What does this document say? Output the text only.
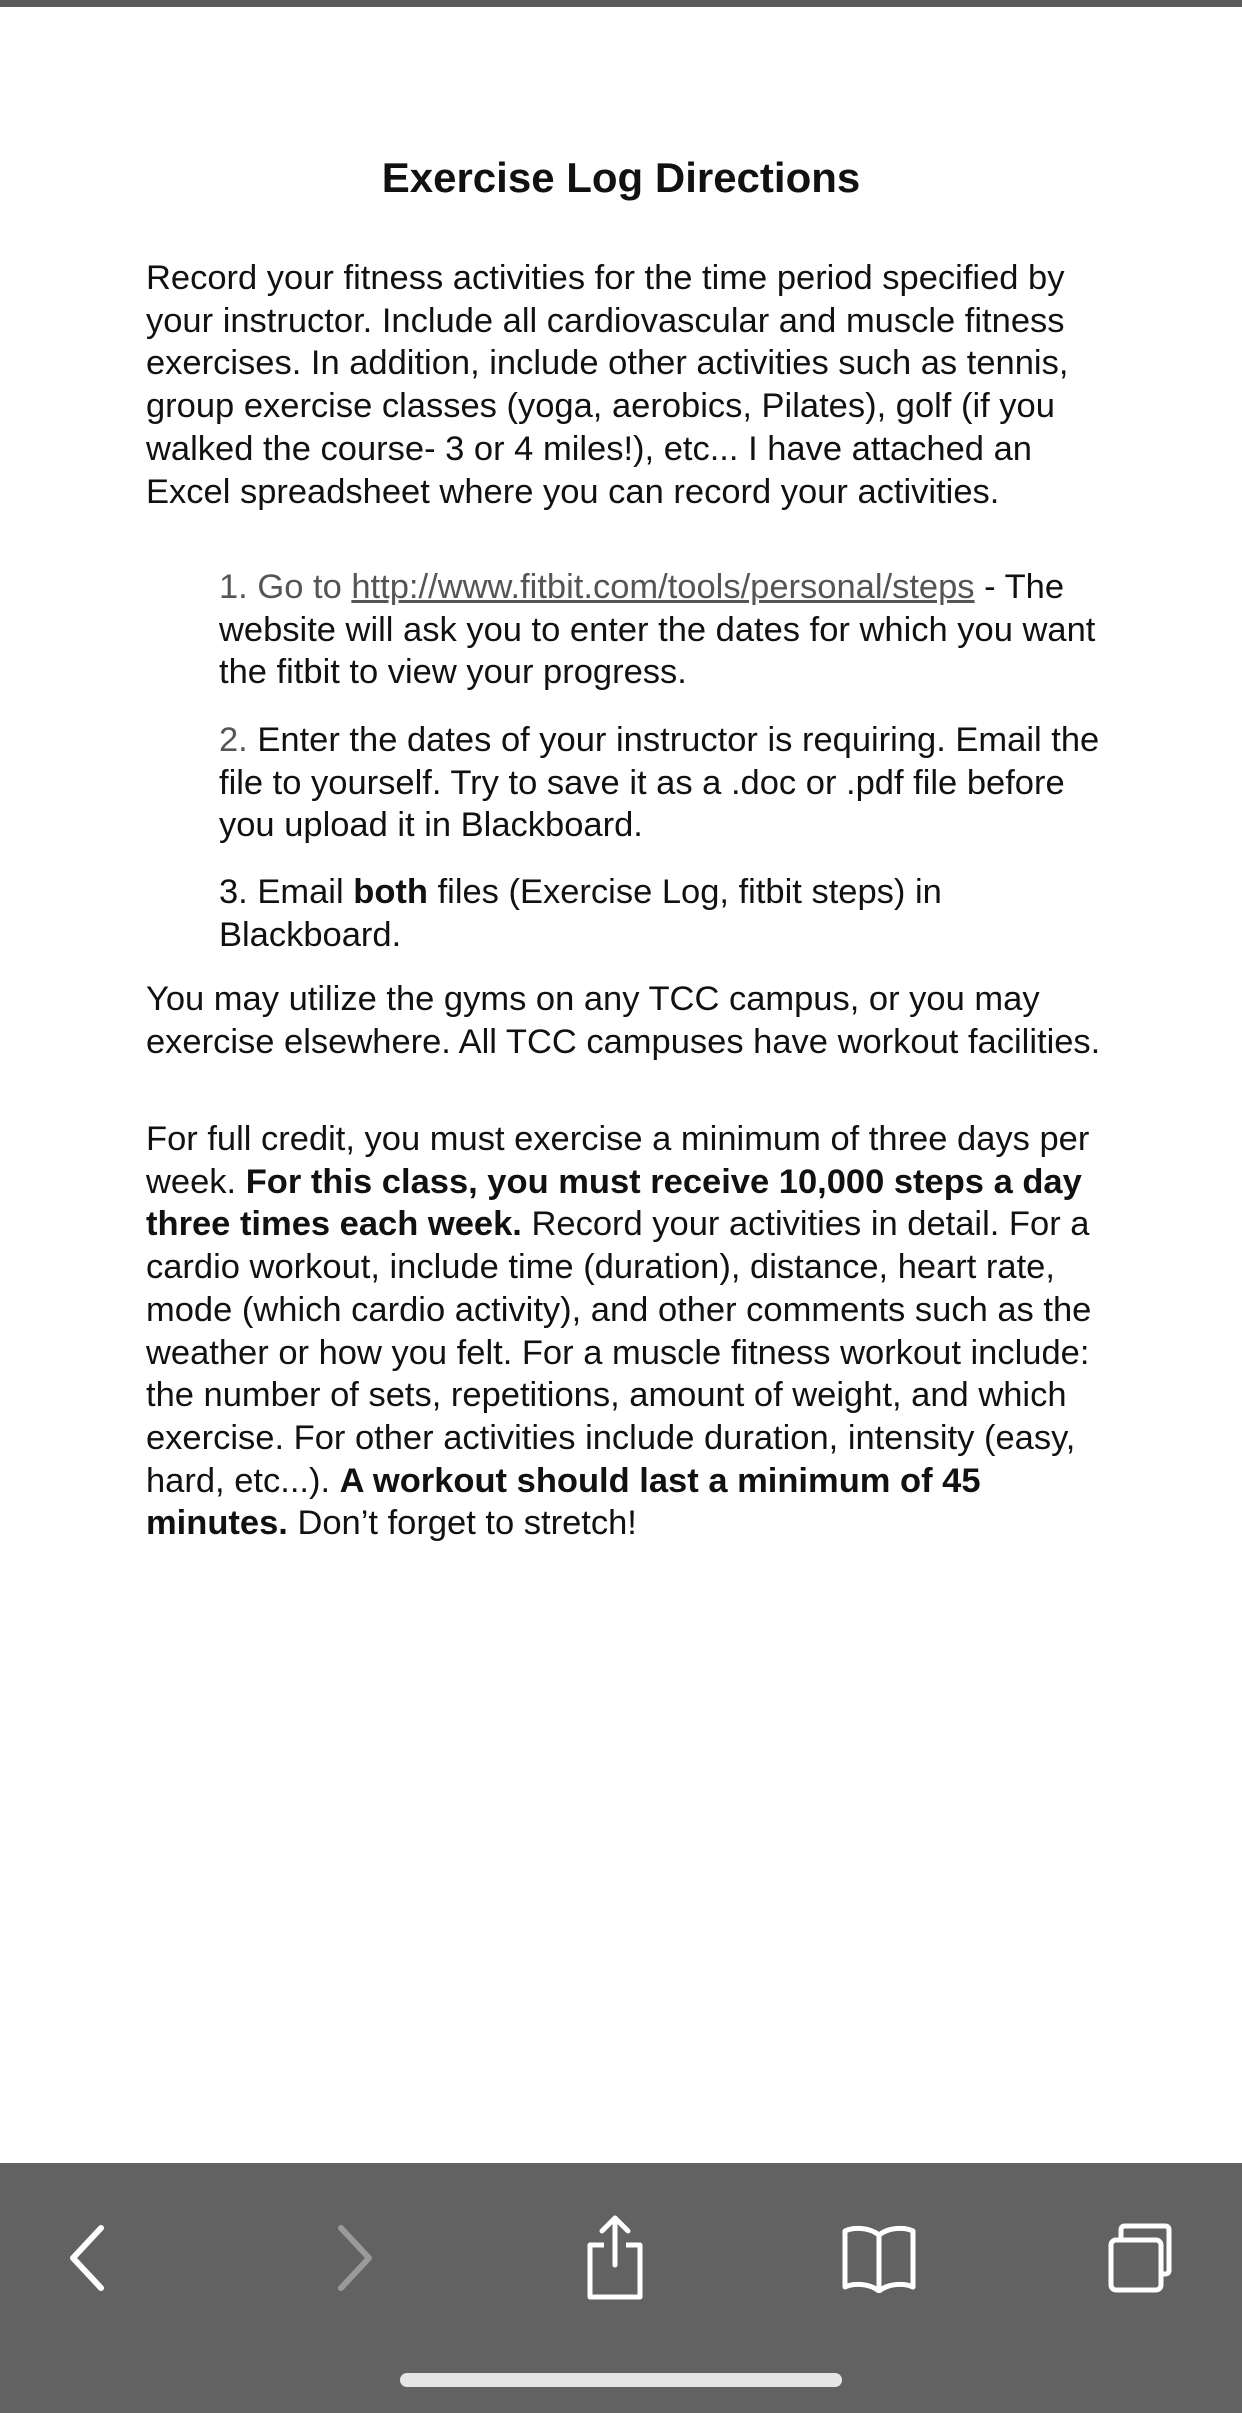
Exercise Log Directions

Record your fitness activities for the time period specified by your instructor. Include all cardiovascular and muscle fitness exercises. In addition, include other activities such as tennis, group exercise classes (yoga, aerobics, Pilates), golf (if you walked the course- 3 or 4 miles!), etc... I have attached an Excel spreadsheet where you can record your activities.

1. Go to http://www.fitbit.com/tools/personal/steps - The website will ask you to enter the dates for which you want the fitbit to view your progress.

2. Enter the dates of your instructor is requiring. Email the file to yourself. Try to save it as a .doc or .pdf file before you upload it in Blackboard.

3. Email both files (Exercise Log, fitbit steps) in Blackboard.

You may utilize the gyms on any TCC campus, or you may exercise elsewhere. All TCC campuses have workout facilities.

For full credit, you must exercise a minimum of three days per week. For this class, you must receive 10,000 steps a day three times each week. Record your activities in detail. For a cardio workout, include time (duration), distance, heart rate, mode (which cardio activity), and other comments such as the weather or how you felt. For a muscle fitness workout include: the number of sets, repetitions, amount of weight, and which exercise. For other activities include duration, intensity (easy, hard, etc...). A workout should last a minimum of 45 minutes. Don’t forget to stretch!
